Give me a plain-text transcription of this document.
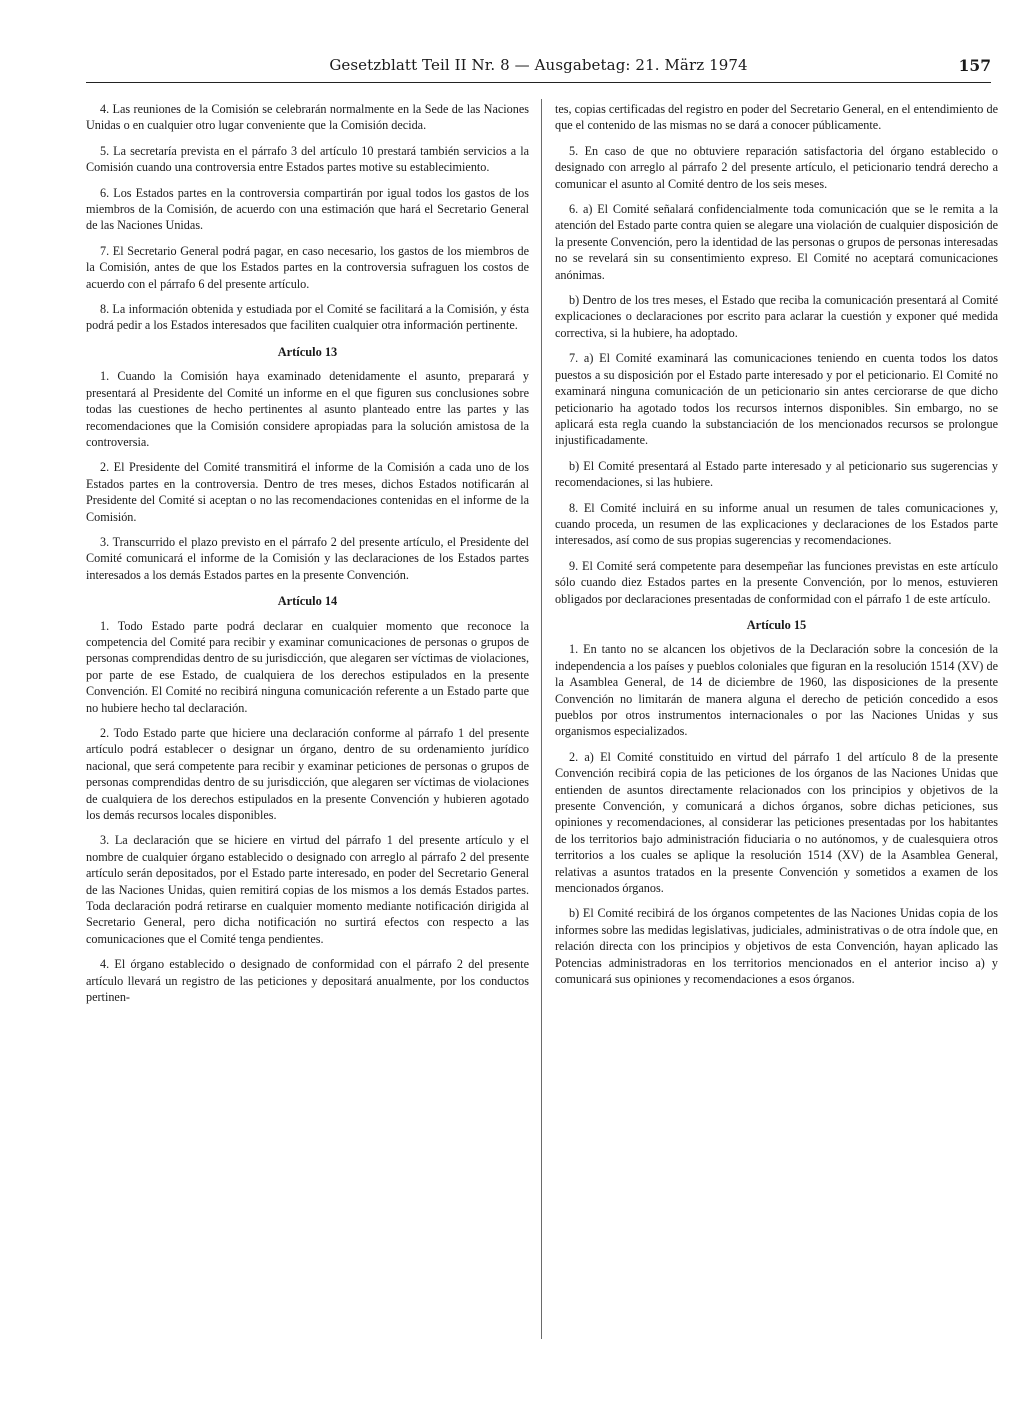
Gesetzblatt Teil II Nr. 8 — Ausgabetag: 21. März 1974	157

4. Las reuniones de la Comisión se celebrarán normalmente en la Sede de las Naciones Unidas o en cualquier otro lugar conveniente que la Comisión decida.

5. La secretaría prevista en el párrafo 3 del artículo 10 prestará también servicios a la Comisión cuando una controversia entre Estados partes motive su establecimiento.

6. Los Estados partes en la controversia compartirán por igual todos los gastos de los miembros de la Comisión, de acuerdo con una estimación que hará el Secretario General de las Naciones Unidas.

7. El Secretario General podrá pagar, en caso necesario, los gastos de los miembros de la Comisión, antes de que los Estados partes en la controversia sufraguen los costos de acuerdo con el párrafo 6 del presente artículo.

8. La información obtenida y estudiada por el Comité se facilitará a la Comisión, y ésta podrá pedir a los Estados interesados que faciliten cualquier otra información pertinente.

Artículo 13

1. Cuando la Comisión haya examinado detenidamente el asunto, preparará y presentará al Presidente del Comité un informe en el que figuren sus conclusiones sobre todas las cuestiones de hecho pertinentes al asunto planteado entre las partes y las recomendaciones que la Comisión considere apropiadas para la solución amistosa de la controversia.

2. El Presidente del Comité transmitirá el informe de la Comisión a cada uno de los Estados partes en la controversia. Dentro de tres meses, dichos Estados notificarán al Presidente del Comité si aceptan o no las recomendaciones contenidas en el informe de la Comisión.

3. Transcurrido el plazo previsto en el párrafo 2 del presente artículo, el Presidente del Comité comunicará el informe de la Comisión y las declaraciones de los Estados partes interesados a los demás Estados partes en la presente Convención.

Artículo 14

1. Todo Estado parte podrá declarar en cualquier momento que reconoce la competencia del Comité para recibir y examinar comunicaciones de personas o grupos de personas comprendidas dentro de su jurisdicción, que alegaren ser víctimas de violaciones, por parte de ese Estado, de cualquiera de los derechos estipulados en la presente Convención. El Comité no recibirá ninguna comunicación referente a un Estado parte que no hubiere hecho tal declaración.

2. Todo Estado parte que hiciere una declaración conforme al párrafo 1 del presente artículo podrá establecer o designar un órgano, dentro de su ordenamiento jurídico nacional, que será competente para recibir y examinar peticiones de personas o grupos de personas comprendidas dentro de su jurisdicción, que alegaren ser víctimas de violaciones de cualquiera de los derechos estipulados en la presente Convención y hubieren agotado los demás recursos locales disponibles.

3. La declaración que se hiciere en virtud del párrafo 1 del presente artículo y el nombre de cualquier órgano establecido o designado con arreglo al párrafo 2 del presente artículo serán depositados, por el Estado parte interesado, en poder del Secretario General de las Naciones Unidas, quien remitirá copias de los mismos a los demás Estados partes. Toda declaración podrá retirarse en cualquier momento mediante notificación dirigida al Secretario General, pero dicha notificación no surtirá efectos con respecto a las comunicaciones que el Comité tenga pendientes.

4. El órgano establecido o designado de conformidad con el párrafo 2 del presente artículo llevará un registro de las peticiones y depositará anualmente, por los conductos pertinen-

tes, copias certificadas del registro en poder del Secretario General, en el entendimiento de que el contenido de las mismas no se dará a conocer públicamente.

5. En caso de que no obtuviere reparación satisfactoria del órgano establecido o designado con arreglo al párrafo 2 del presente artículo, el peticionario tendrá derecho a comunicar el asunto al Comité dentro de los seis meses.

6. a) El Comité señalará confidencialmente toda comunicación que se le remita a la atención del Estado parte contra quien se alegare una violación de cualquier disposición de la presente Convención, pero la identidad de las personas o grupos de personas interesadas no se revelará sin su consentimiento expreso. El Comité no aceptará comunicaciones anónimas.

b) Dentro de los tres meses, el Estado que reciba la comunicación presentará al Comité explicaciones o declaraciones por escrito para aclarar la cuestión y exponer qué medida correctiva, si la hubiere, ha adoptado.

7. a) El Comité examinará las comunicaciones teniendo en cuenta todos los datos puestos a su disposición por el Estado parte interesado y por el peticionario. El Comité no examinará ninguna comunicación de un peticionario sin antes cerciorarse de que dicho peticionario ha agotado todos los recursos internos disponibles. Sin embargo, no se aplicará esta regla cuando la substanciación de los mencionados recursos se prolongue injustificadamente.

b) El Comité presentará al Estado parte interesado y al peticionario sus sugerencias y recomendaciones, si las hubiere.

8. El Comité incluirá en su informe anual un resumen de tales comunicaciones y, cuando proceda, un resumen de las explicaciones y declaraciones de los Estados parte interesados, así como de sus propias sugerencias y recomendaciones.

9. El Comité será competente para desempeñar las funciones previstas en este artículo sólo cuando diez Estados partes en la presente Convención, por lo menos, estuvieren obligados por declaraciones presentadas de conformidad con el párrafo 1 de este artículo.

Artículo 15

1. En tanto no se alcancen los objetivos de la Declaración sobre la concesión de la independencia a los países y pueblos coloniales que figuran en la resolución 1514 (XV) de la Asamblea General, de 14 de diciembre de 1960, las disposiciones de la presente Convención no limitarán de manera alguna el derecho de petición concedido a esos pueblos por otros instrumentos internacionales o por las Naciones Unidas y sus organismos especializados.

2. a) El Comité constituido en virtud del párrafo 1 del artículo 8 de la presente Convención recibirá copia de las peticiones de los órganos de las Naciones Unidas que entienden de asuntos directamente relacionados con los principios y objetivos de la presente Convención, y comunicará a dichos órganos, sobre dichas peticiones, sus opiniones y recomendaciones, al considerar las peticiones presentadas por los habitantes de los territorios bajo administración fiduciaria o no autónomos, y de cualesquiera otros territorios a los cuales se aplique la resolución 1514 (XV) de la Asamblea General, relativas a asuntos tratados en la presente Convención y sometidos a examen de los mencionados órganos.

b) El Comité recibirá de los órganos competentes de las Naciones Unidas copia de los informes sobre las medidas legislativas, judiciales, administrativas o de otra índole que, en relación directa con los principios y objetivos de esta Convención, hayan aplicado las Potencias administradoras en los territorios mencionados en el anterior inciso a) y comunicará sus opiniones y recomendaciones a esos órganos.
